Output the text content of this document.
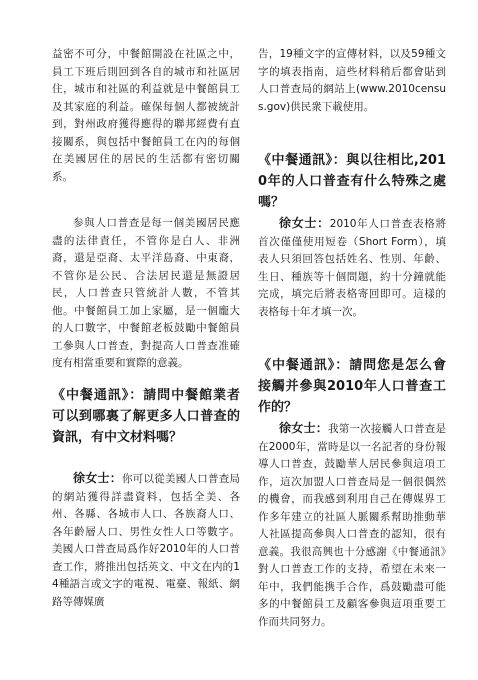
益密不可分，中餐館開設在社區之中，員工下班后則回到各自的城市和社區居住，城市和社區的利益就是中餐館員工及其家庭的利益。確保每個人都被統計到，對州政府獲得應得的聯邦經費有直接關系，與包括中餐館員工在內的每個在美國居住的居民的生活都有密切關系。

参與人口普查是每一個美國居民應盡的法律責任，不管你是白人、非洲裔，還是亞裔、太平洋島裔、中東裔，不管你是公民、合法居民還是無證居民，人口普查只管統計人數，不管其他。中餐館員工加上家屬，是一個龐大的人口數字，中餐館老板鼓勵中餐館員工參與人口普查，對提高人口普查准確度有相當重要和實際的意義。

《中餐通訊》：請問中餐館業者可以到哪裏了解更多人口普查的資訊，有中文材料嗎？

徐女士：你可以從美國人口普查局的網站獲得詳盡資料，包括全美、各州、各縣、各城市人口、各族裔人口、各年齡層人口、男性女性人口等數字。美國人口普查局爲作好2010年的人口普查工作，將推出包括英文、中文在内的14種語言或文字的電視、電臺、報紙、網路等傳媒廣

告，19種文字的宣傳材料，以及59種文字的填表指南，這些材料稍后都會貼到人口普查局的網站上(www.2010census.gov)供民衆下載使用。

《中餐通訊》：與以往相比,2010年的人口普查有什么特殊之處嗎？

徐女士：2010年人口普查表格將首次僅僅使用短卷（Short Form），填表人只須回答包括姓名、性別、年齡、生日、種族等十個問題，約十分鐘就能完成，填完后將表格寄回即可。這樣的表格每十年才填一次。

《中餐通訊》：請問您是怎么會接觸并參與2010年人口普查工作的？

徐女士：我第一次接觸人口普查是在2000年，當時是以一名記者的身份報導人口普查，鼓勵華人居民參與這項工作，這次加盟人口普查局是一個很偶然的機會，而我感到利用自己在傳媒界工作多年建立的社區人脈關系幫助推動華人社區提高參與人口普查的認知，很有意義。我很高興也十分感謝《中餐通訊》對人口普查工作的支持，希望在未來一年中，我們能携手合作，爲鼓勵盡可能多的中餐館員工及顧客參與這項重要工作而共同努力。
